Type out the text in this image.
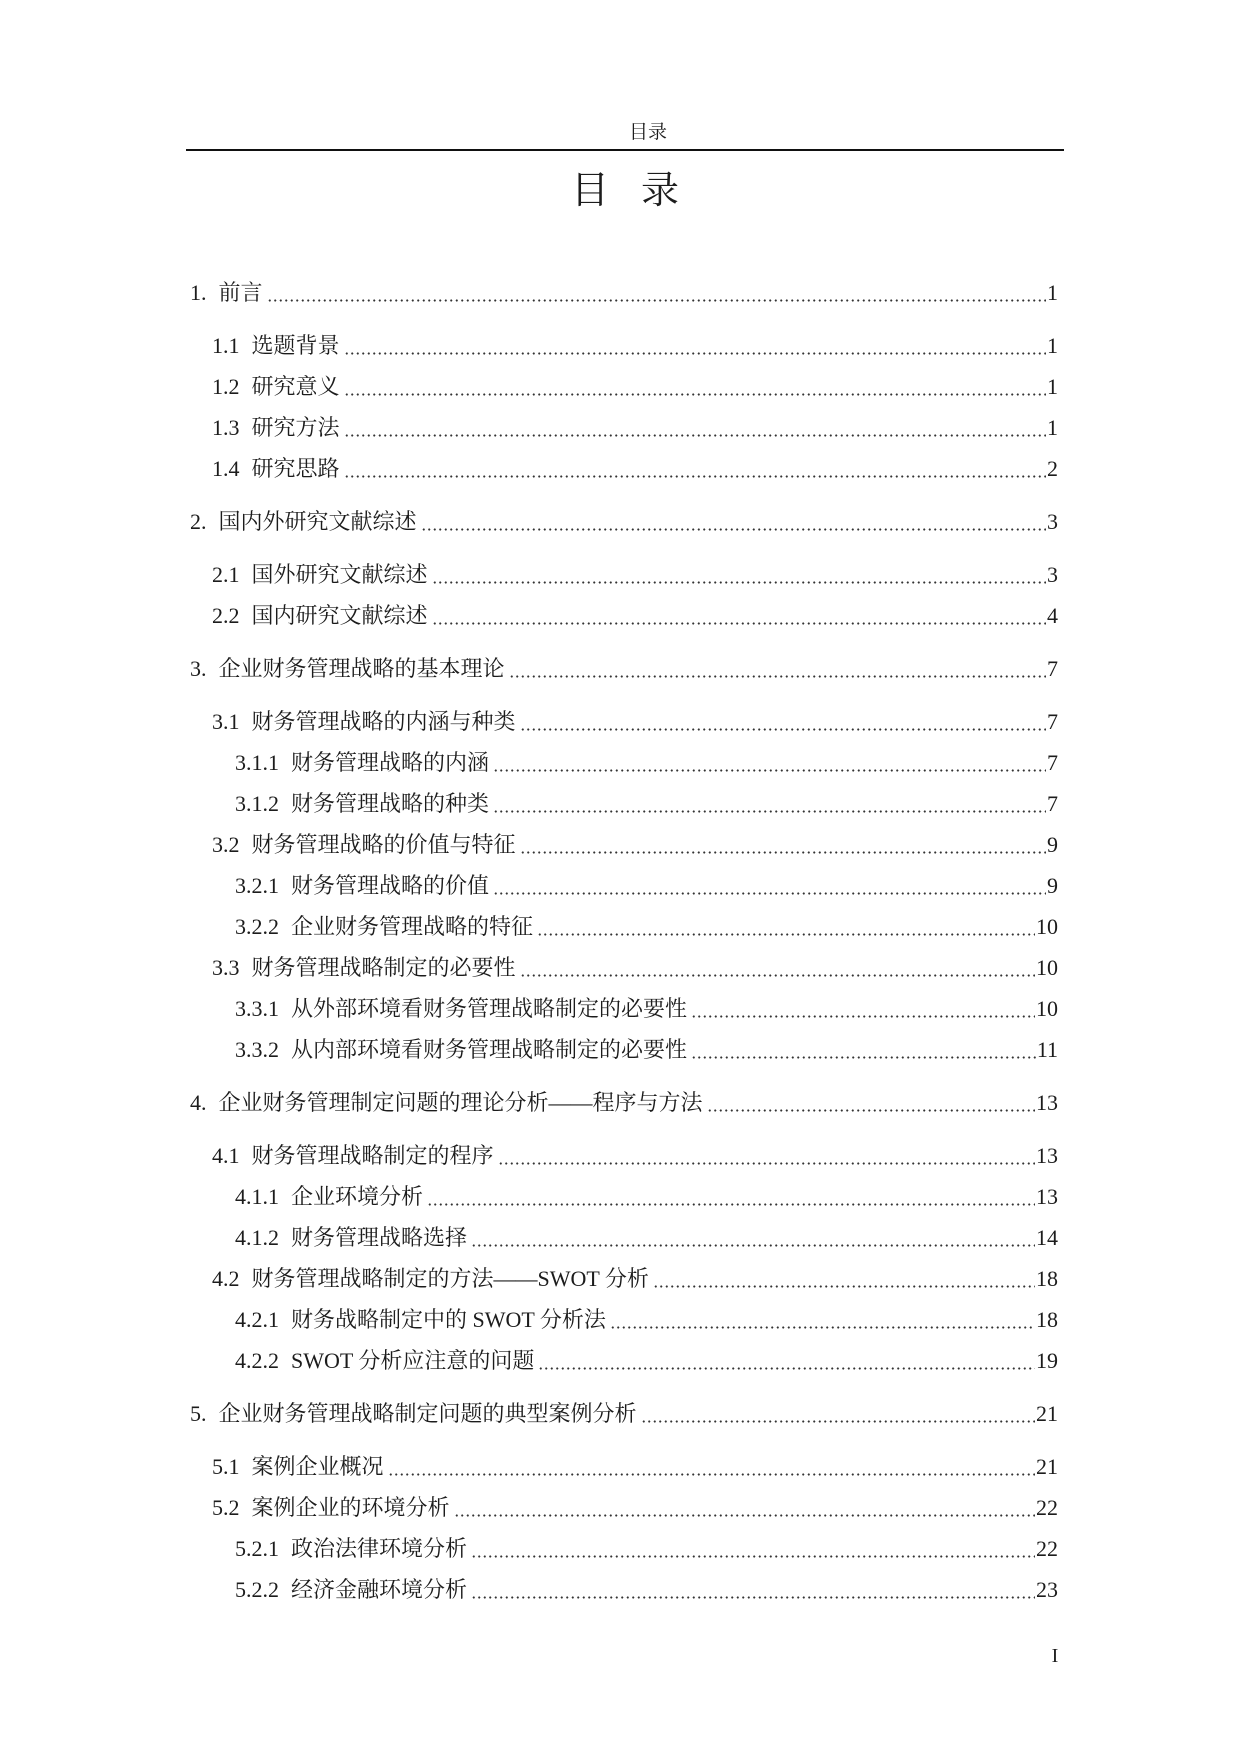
目录
目 录
1. 前言	1
1.1 选题背景	1
1.2 研究意义	1
1.3 研究方法	1
1.4 研究思路	2
2. 国内外研究文献综述	3
2.1 国外研究文献综述	3
2.2 国内研究文献综述	4
3. 企业财务管理战略的基本理论	7
3.1 财务管理战略的内涵与种类	7
3.1.1 财务管理战略的内涵	7
3.1.2 财务管理战略的种类	7
3.2 财务管理战略的价值与特征	9
3.2.1 财务管理战略的价值	9
3.2.2 企业财务管理战略的特征	10
3.3 财务管理战略制定的必要性	10
3.3.1 从外部环境看财务管理战略制定的必要性	10
3.3.2 从内部环境看财务管理战略制定的必要性	11
4. 企业财务管理制定问题的理论分析——程序与方法	13
4.1 财务管理战略制定的程序	13
4.1.1 企业环境分析	13
4.1.2 财务管理战略选择	14
4.2 财务管理战略制定的方法——SWOT 分析	18
4.2.1 财务战略制定中的 SWOT 分析法	18
4.2.2 SWOT 分析应注意的问题	19
5. 企业财务管理战略制定问题的典型案例分析	21
5.1 案例企业概况	21
5.2 案例企业的环境分析	22
5.2.1 政治法律环境分析	22
5.2.2 经济金融环境分析	23
I
